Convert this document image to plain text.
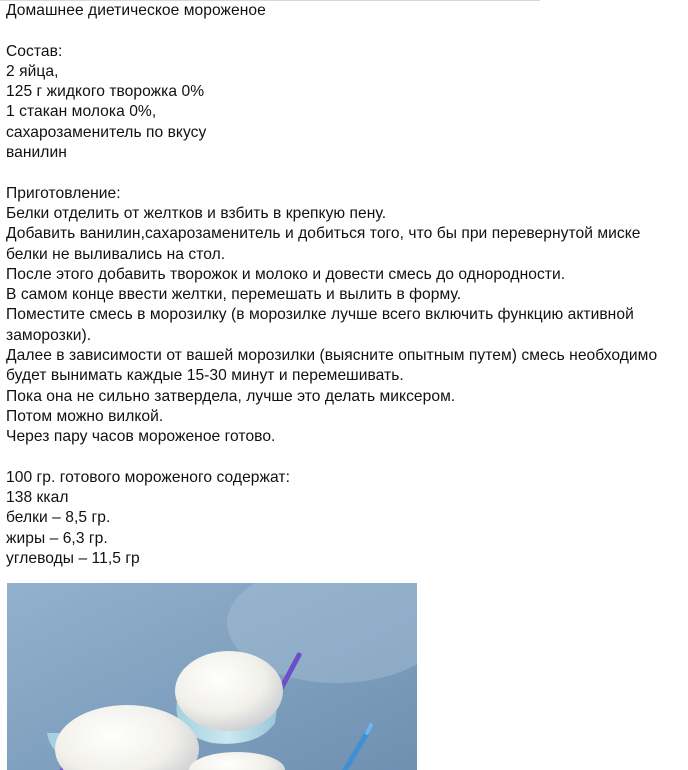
Домашнее диетическое мороженое
Состав:
2 яйца,
125 г жидкого творожка 0%
1 стакан молока 0%,
сахарозаменитель по вкусу
ванилин
Приготовление:
Белки отделить от желтков и взбить в крепкую пену.
Добавить ванилин,сахарозаменитель и добиться того, что бы при перевернутой миске
белки не выливались на стол.
После этого добавить творожок и молоко и довести смесь до однородности.
В самом конце ввести желтки, перемешать и вылить в форму.
Поместите смесь в морозилку (в морозилке лучше всего включить функцию активной
заморозки).
Далее в зависимости от вашей морозилки (выясните опытным путем) смесь необходимо
будет вынимать каждые 15-30 минут и перемешивать.
Пока она не сильно затвердела, лучше это делать миксером.
Потом можно вилкой.
Через пару часов мороженое готово.
100 гр. готового мороженого содержат:
138 ккал
белки – 8,5 гр.
жиры – 6,3 гр.
углеводы – 11,5 гр
